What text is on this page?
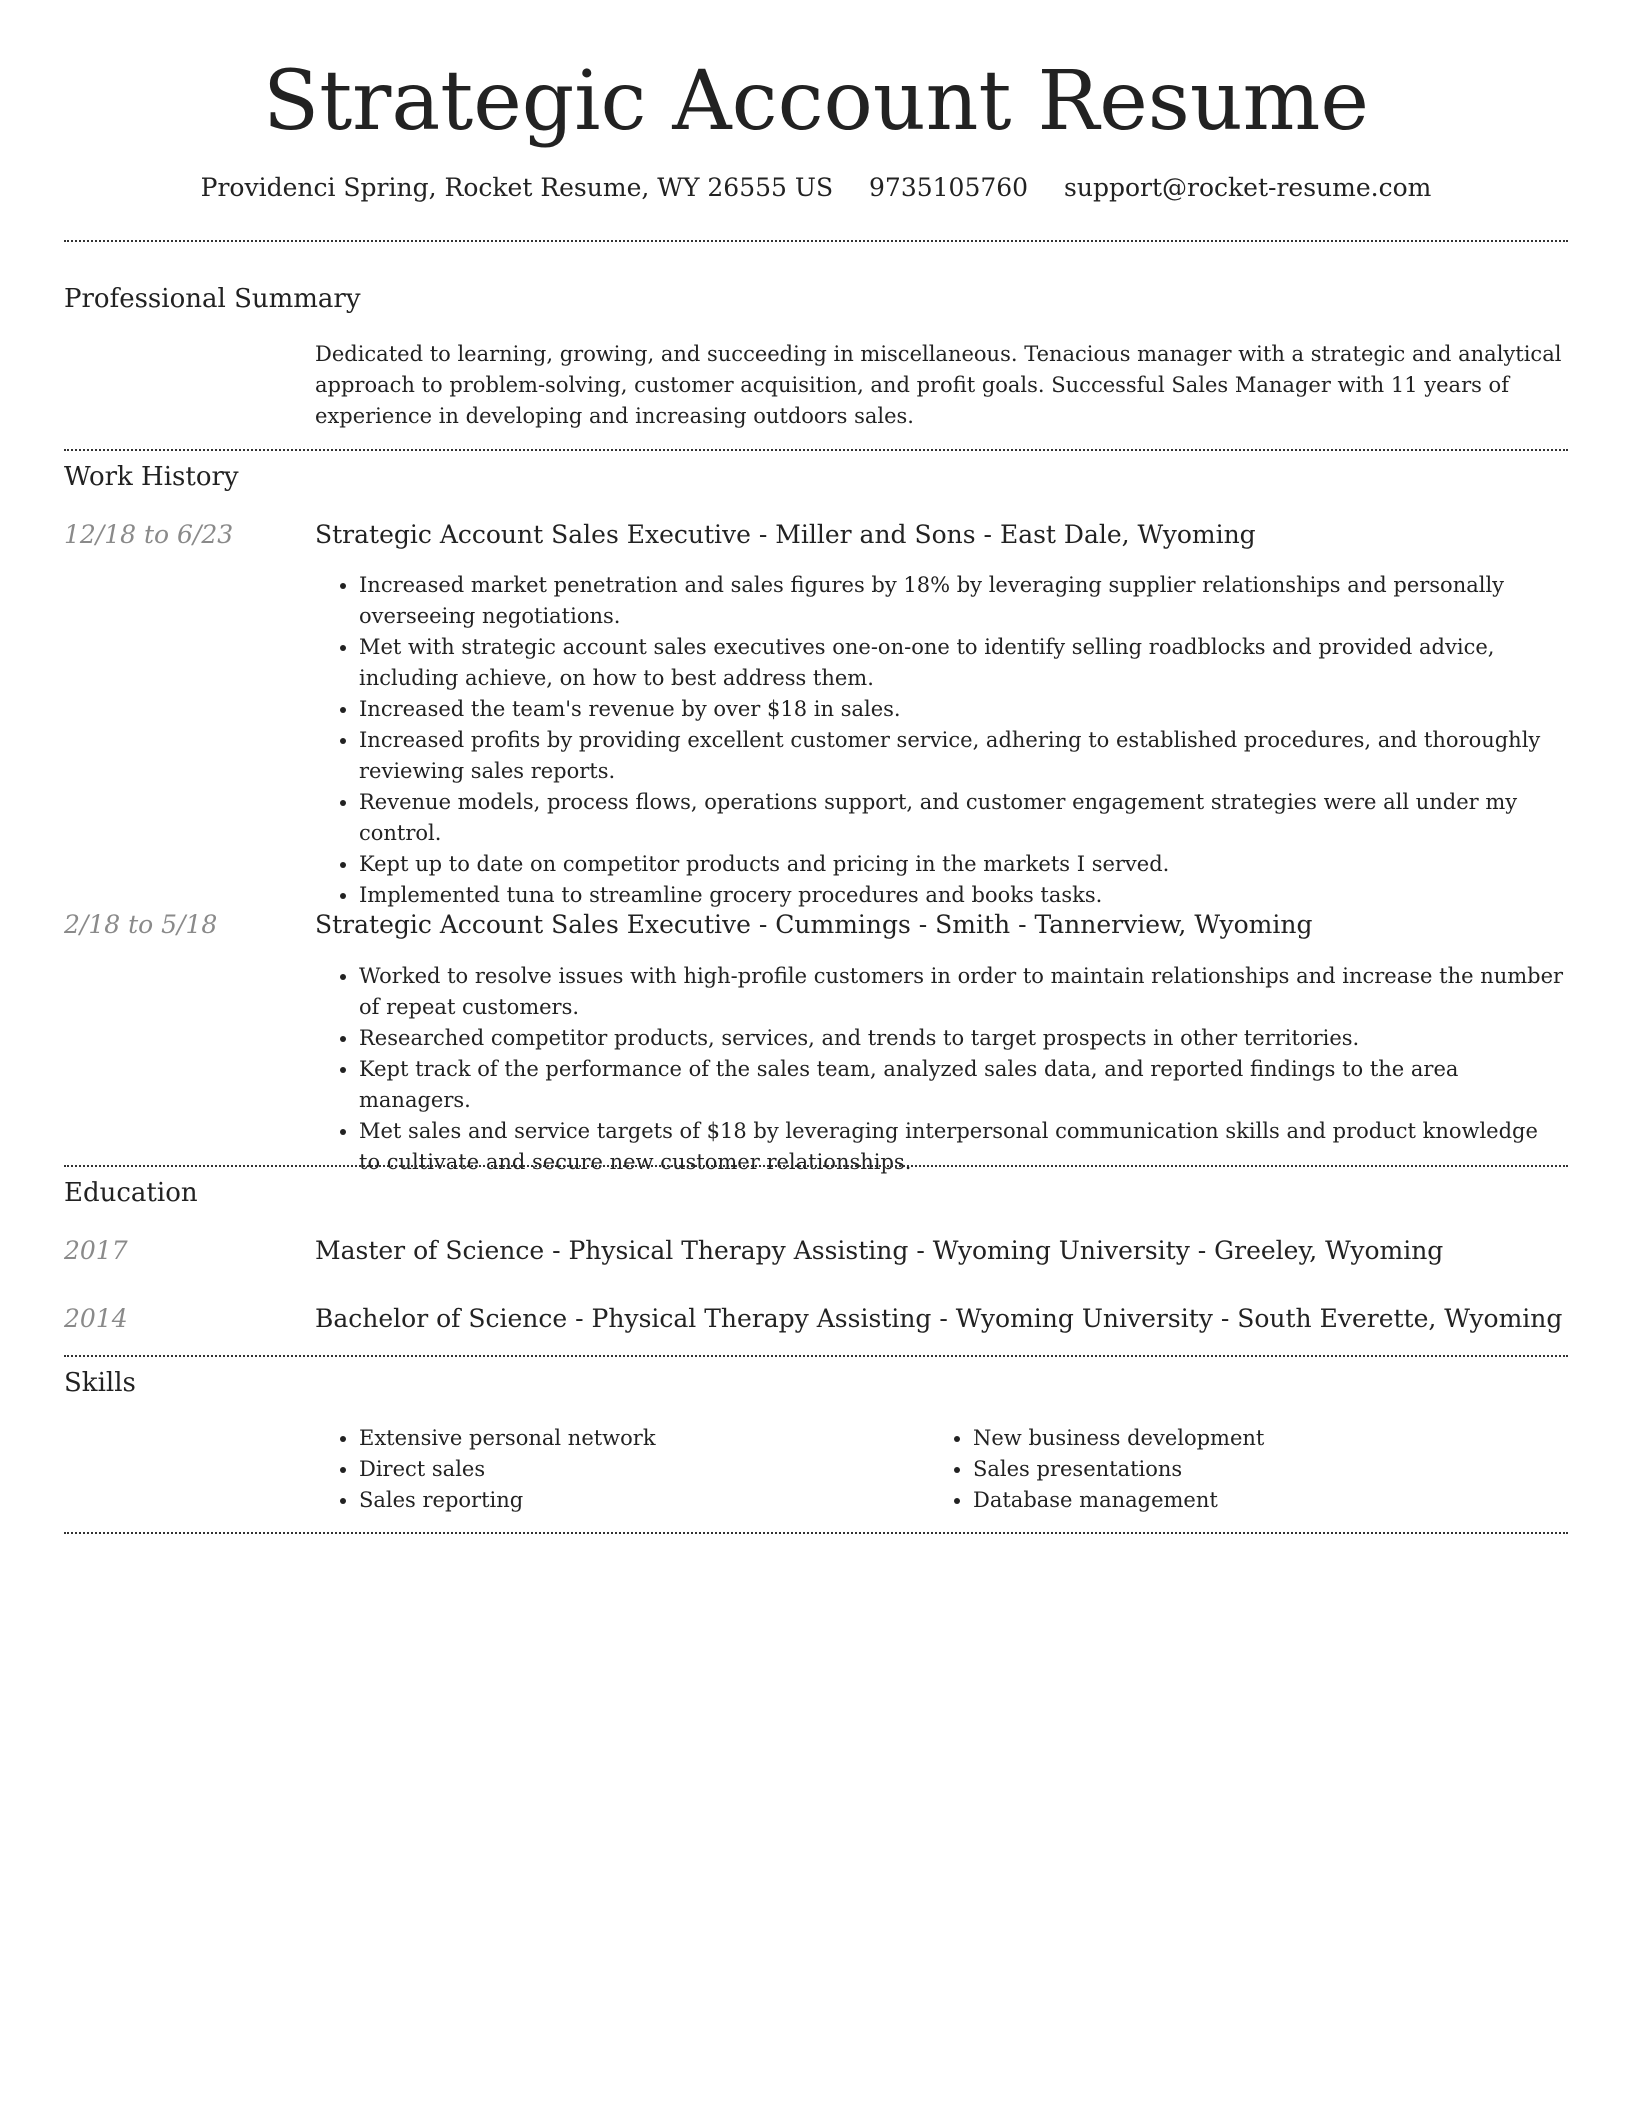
Strategic Account Resume
Providenci Spring, Rocket Resume, WY 26555 US 9735105760 support@rocket-resume.com
Professional Summary
Dedicated to learning, growing, and succeeding in miscellaneous. Tenacious manager with a strategic and analytical approach to problem-solving, customer acquisition, and profit goals. Successful Sales Manager with 11 years of experience in developing and increasing outdoors sales.
Work History
12/18 to 6/23	Strategic Account Sales Executive - Miller and Sons - East Dale, Wyoming
• Increased market penetration and sales figures by 18% by leveraging supplier relationships and personally overseeing negotiations.
• Met with strategic account sales executives one-on-one to identify selling roadblocks and provided advice, including achieve, on how to best address them.
• Increased the team's revenue by over $18 in sales.
• Increased profits by providing excellent customer service, adhering to established procedures, and thoroughly reviewing sales reports.
• Revenue models, process flows, operations support, and customer engagement strategies were all under my control.
• Kept up to date on competitor products and pricing in the markets I served.
• Implemented tuna to streamline grocery procedures and books tasks.
2/18 to 5/18	Strategic Account Sales Executive - Cummings - Smith - Tannerview, Wyoming
• Worked to resolve issues with high-profile customers in order to maintain relationships and increase the number of repeat customers.
• Researched competitor products, services, and trends to target prospects in other territories.
• Kept track of the performance of the sales team, analyzed sales data, and reported findings to the area managers.
• Met sales and service targets of $18 by leveraging interpersonal communication skills and product knowledge to cultivate and secure new customer relationships.
Education
2017	Master of Science - Physical Therapy Assisting - Wyoming University - Greeley, Wyoming
2014	Bachelor of Science - Physical Therapy Assisting - Wyoming University - South Everette, Wyoming
Skills
• Extensive personal network
• Direct sales
• Sales reporting
• New business development
• Sales presentations
• Database management
